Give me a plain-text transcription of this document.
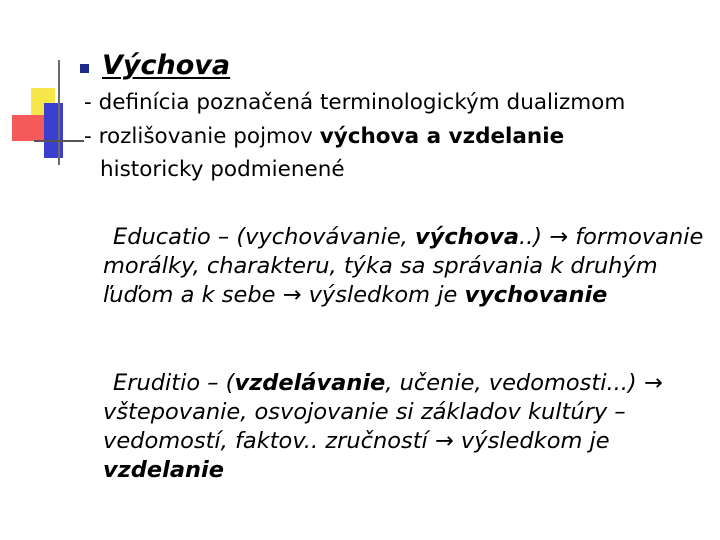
Výchova
- definícia poznačená terminologickým dualizmom
- rozlišovanie pojmov výchova a vzdelanie
historicky podmienené
Educatio – (vychovávanie, výchova..) → formovanie morálky, charakteru, týka sa správania k druhým ľuďom a k sebe → výsledkom je vychovanie
Eruditio – (vzdelávanie, učenie, vedomosti...) → vštepovanie, osvojovanie si základov kultúry – vedomostí, faktov.. zručností → výsledkom je vzdelanie
